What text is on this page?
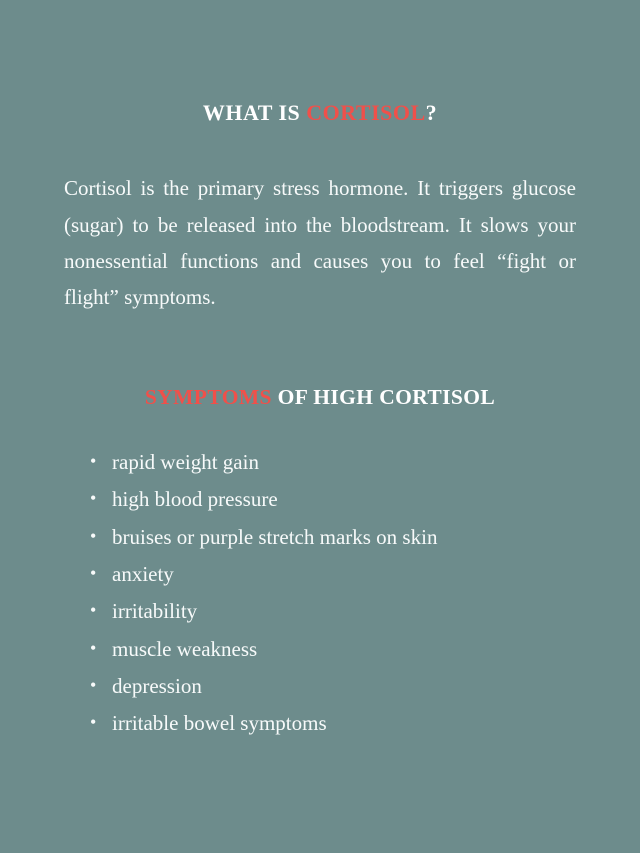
WHAT IS CORTISOL?

Cortisol is the primary stress hormone. It triggers glucose (sugar) to be released into the bloodstream. It slows your nonessential functions and causes you to feel “fight or flight” symptoms.

SYMPTOMS OF HIGH CORTISOL
• rapid weight gain
• high blood pressure
• bruises or purple stretch marks on skin
• anxiety
• irritability
• muscle weakness
• depression
• irritable bowel symptoms
